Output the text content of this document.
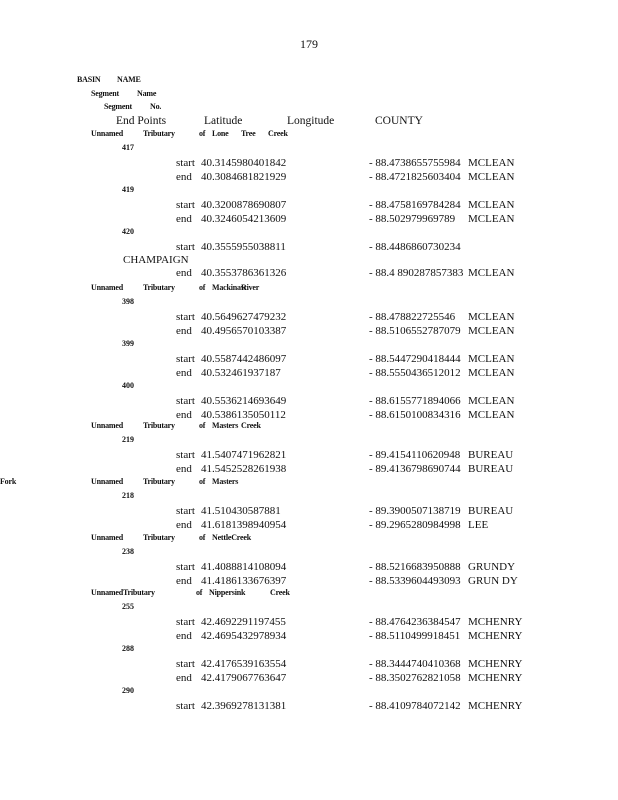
179
BASIN NAME
Segment Name
Segment No.
End Points	Latitude	Longitude	COUNTY
Unnamed	Tributary	of Lone Tree Creek
417
start 40.3145980401842	- 88.4738655755984 MCLEAN
end 40.3084681821929	- 88.4721825603404 MCLEAN
419
start 40.3200878690807	- 88.4758169784284 MCLEAN
end 40.3246054213609	- 88.502979969789 MCLEAN
420
start 40.3555955038811	- 88.4486860730234
CHAMPAIGN
end 40.3553786361326	- 88.4 890287857383 MCLEAN
Unnamed	Tributary	of Mackinaw
River
398
start 40.5649627479232	- 88.478822725546 MCLEAN
end 40.4956570103387	- 88.5106552787079 MCLEAN
399
start 40.5587442486097	- 88.5447290418444 MCLEAN
end 40.532461937187	- 88.5550436512012 MCLEAN
400
start 40.5536214693649	- 88.6155771894066 MCLEAN
end 40.5386135050112	- 88.6150100834316 MCLEAN
Unnamed	Tributary	of Masters Creek
219
start 41.5407471962821	- 89.4154110620948 BUREAU
end 41.5452528261938	- 89.4136798690744 BUREAU
Unnamed	Tributary	of Masters
Fork
218
start 41.510430587881	- 89.3900507138719 BUREAU
end 41.6181398940954	- 89.2965280984998 LEE
Unnamed	Tributary	of NettleCreek
238
start 41.4088814108094	- 88.5216683950888 GRUNDY
end 41.4186133676397	- 88.5339604493093 GRUN DY
UnnamedTributary	of Nippersink	Creek
255
start 42.4692291197455	- 88.4764236384547 MCHENRY
end 42.4695432978934	- 88.5110499918451 MCHENRY
288
start 42.4176539163554	- 88.3444740410368 MCHENRY
end 42.4179067763647	- 88.3502762821058 MCHENRY
290
start 42.3969278131381	- 88.4109784072142 MCHENRY
